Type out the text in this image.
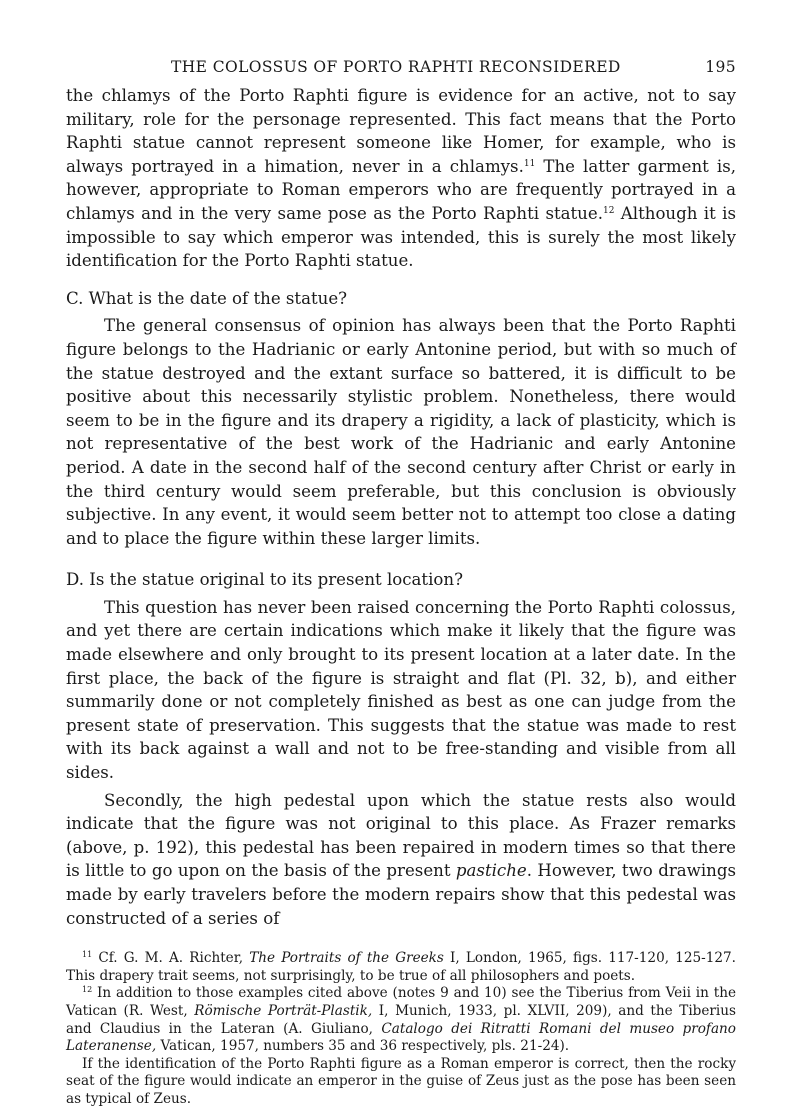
THE COLOSSUS OF PORTO RAPHTI RECONSIDERED	195

the chlamys of the Porto Raphti figure is evidence for an active, not to say military, role for the personage represented. This fact means that the Porto Raphti statue cannot represent someone like Homer, for example, who is always portrayed in a himation, never in a chlamys.$^{11}$ The latter garment is, however, appropriate to Roman emperors who are frequently portrayed in a chlamys and in the very same pose as the Porto Raphti statue.$^{12}$ Although it is impossible to say which emperor was intended, this is surely the most likely identification for the Porto Raphti statue.

C. What is the date of the statue?

The general consensus of opinion has always been that the Porto Raphti figure belongs to the Hadrianic or early Antonine period, but with so much of the statue destroyed and the extant surface so battered, it is difficult to be positive about this necessarily stylistic problem. Nonetheless, there would seem to be in the figure and its drapery a rigidity, a lack of plasticity, which is not representative of the best work of the Hadrianic and early Antonine period. A date in the second half of the second century after Christ or early in the third century would seem preferable, but this conclusion is obviously subjective. In any event, it would seem better not to attempt too close a dating and to place the figure within these larger limits.

D. Is the statue original to its present location?

This question has never been raised concerning the Porto Raphti colossus, and yet there are certain indications which make it likely that the figure was made elsewhere and only brought to its present location at a later date. In the first place, the back of the figure is straight and flat (Pl. 32, b), and either summarily done or not completely finished as best as one can judge from the present state of preservation. This suggests that the statue was made to rest with its back against a wall and not to be free-standing and visible from all sides.

Secondly, the high pedestal upon which the statue rests also would indicate that the figure was not original to this place. As Frazer remarks (above, p. 192), this pedestal has been repaired in modern times so that there is little to go upon on the basis of the present pastiche. However, two drawings made by early travelers before the modern repairs show that this pedestal was constructed of a series of

$^{11}$ Cf. G. M. A. Richter, The Portraits of the Greeks I, London, 1965, figs. 117-120, 125-127. This drapery trait seems, not surprisingly, to be true of all philosophers and poets.

$^{12}$ In addition to those examples cited above (notes 9 and 10) see the Tiberius from Veii in the Vatican (R. West, Römische Porträt-Plastik, I, Munich, 1933, pl. XLVII, 209), and the Tiberius and Claudius in the Lateran (A. Giuliano, Catalogo dei Ritratti Romani del museo profano Lateranense, Vatican, 1957, numbers 35 and 36 respectively, pls. 21-24).

If the identification of the Porto Raphti figure as a Roman emperor is correct, then the rocky seat of the figure would indicate an emperor in the guise of Zeus just as the pose has been seen as typical of Zeus.
